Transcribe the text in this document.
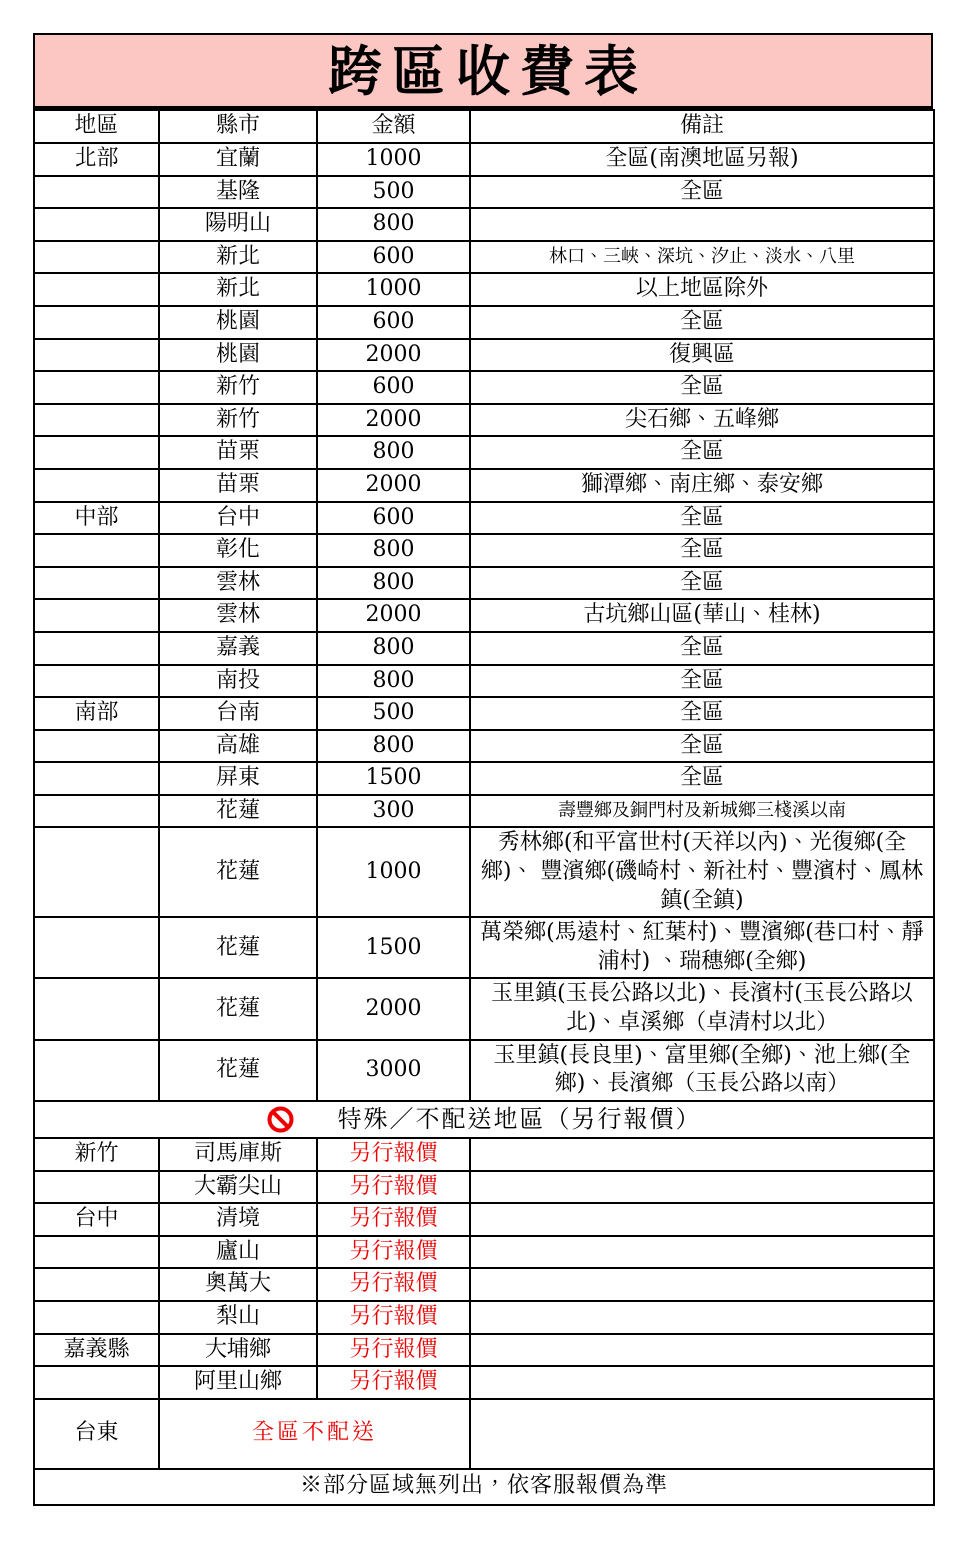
跨區收費表
地區	縣市	金額	備註
北部	宜蘭	1000	全區(南澳地區另報)
	基隆	500	全區
	陽明山	800	
	新北	600	林口、三峽、深坑、汐止、淡水、八里
	新北	1000	以上地區除外
	桃園	600	全區
	桃園	2000	復興區
	新竹	600	全區
	新竹	2000	尖石鄉、五峰鄉
	苗栗	800	全區
	苗栗	2000	獅潭鄉、南庄鄉、泰安鄉
中部	台中	600	全區
	彰化	800	全區
	雲林	800	全區
	雲林	2000	古坑鄉山區(華山、桂林)
	嘉義	800	全區
	南投	800	全區
南部	台南	500	全區
	高雄	800	全區
	屏東	1500	全區
	花蓮	300	壽豐鄉及銅門村及新城鄉三棧溪以南
	花蓮	1000	秀林鄉(和平富世村(天祥以內)、光復鄉(全鄉)、 豐濱鄉(磯崎村、新社村、豐濱村、鳳林鎮(全鎮)
	花蓮	1500	萬榮鄉(馬遠村、紅葉村)、豐濱鄉(巷口村、靜浦村) 、瑞穗鄉(全鄉)
	花蓮	2000	玉里鎮(玉長公路以北)、長濱村(玉長公路以北)、卓溪鄉（卓清村以北）
	花蓮	3000	玉里鎮(長良里)、富里鄉(全鄉)、池上鄉(全鄉)、長濱鄉（玉長公路以南）

特殊／不配送地區（另行報價）			

新竹	司馬庫斯	另行報價	
	大霸尖山	另行報價	
台中	清境	另行報價	
	廬山	另行報價	
	奧萬大	另行報價	
	梨山	另行報價	
嘉義縣	大埔鄉	另行報價	
	阿里山鄉	另行報價	
台東	全區不配送		
※部分區域無列出，依客服報價為準			
